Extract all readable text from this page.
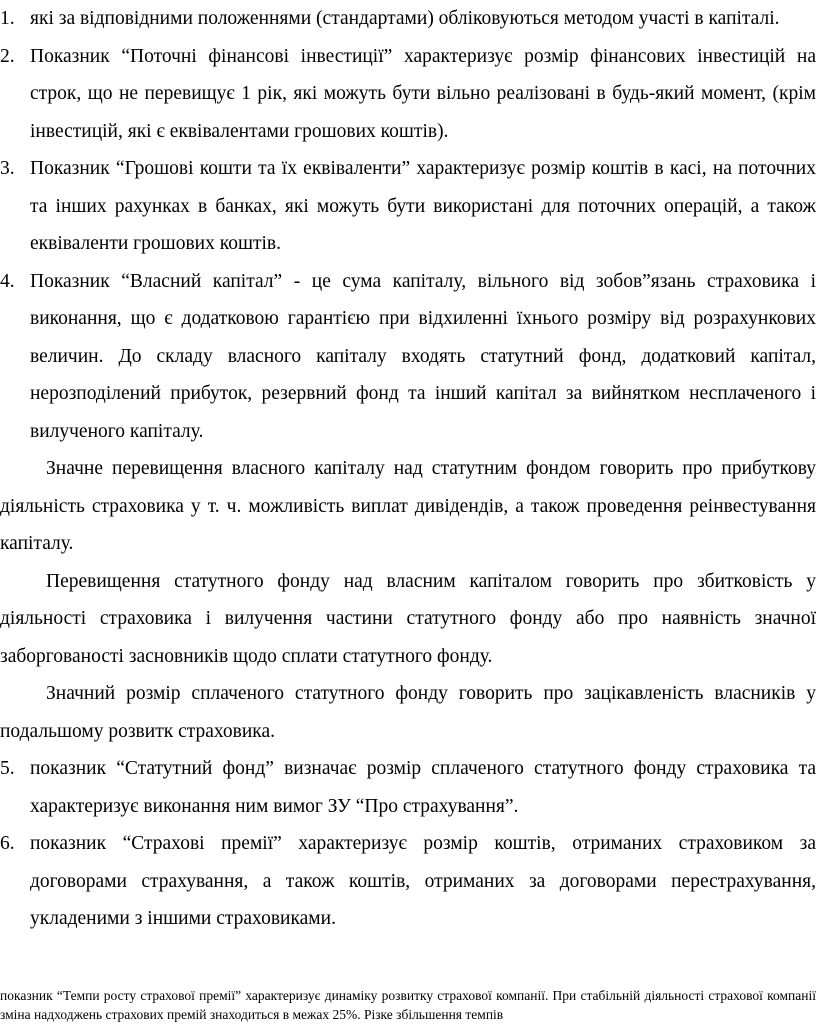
1. які за відповідними положеннями (стандартами) обліковуються методом участі в капіталі.
2. Показник “Поточні фінансові інвестиції” характеризує розмір фінансових інвестицій на строк, що не перевищує 1 рік, які можуть бути вільно реалізовані в будь-який момент, (крім інвестицій, які є еквівалентами грошових коштів).
3. Показник “Грошові кошти та їх еквіваленти” характеризує розмір коштів в касі, на поточних та інших рахунках в банках, які можуть бути використані для поточних операцій, а також еквіваленти грошових коштів.
4. Показник “Власний капітал” - це сума капіталу, вільного від зобов”язань страховика і виконання, що є додатковою гарантією при відхиленні їхнього розміру від розрахункових величин. До складу власного капіталу входять статутний фонд, додатковий капітал, нерозподілений прибуток, резервний фонд та інший капітал за вийнятком несплаченого і вилученого капіталу.

Значне перевищення власного капіталу над статутним фондом говорить про прибуткову діяльність страховика у т. ч. можливість виплат дивідендів, а також проведення реінвестування капіталу.

Перевищення статутного фонду над власним капіталом говорить про збитковість у діяльності страховика і вилучення частини статутного фонду або про наявність значної заборгованості засновників щодо сплати статутного фонду.

Значний розмір сплаченого статутного фонду говорить про зацікавленість власників у подальшому розвитк страховика.

5. показник “Статутний фонд” визначає розмір сплаченого статутного фонду страховика та характеризує виконання ним вимог ЗУ “Про страхування”.
6. показник “Страхові премії” характеризує розмір коштів, отриманих страховиком за договорами страхування, а також коштів, отриманих за договорами перестрахування, укладеними з іншими страховиками.

показник “Темпи росту страхової премії” характеризує динаміку розвитку страхової компанії. При стабільній діяльності страхової компанії зміна надходжень страхових премій знаходиться в межах 25%. Різке збільшення темпів
